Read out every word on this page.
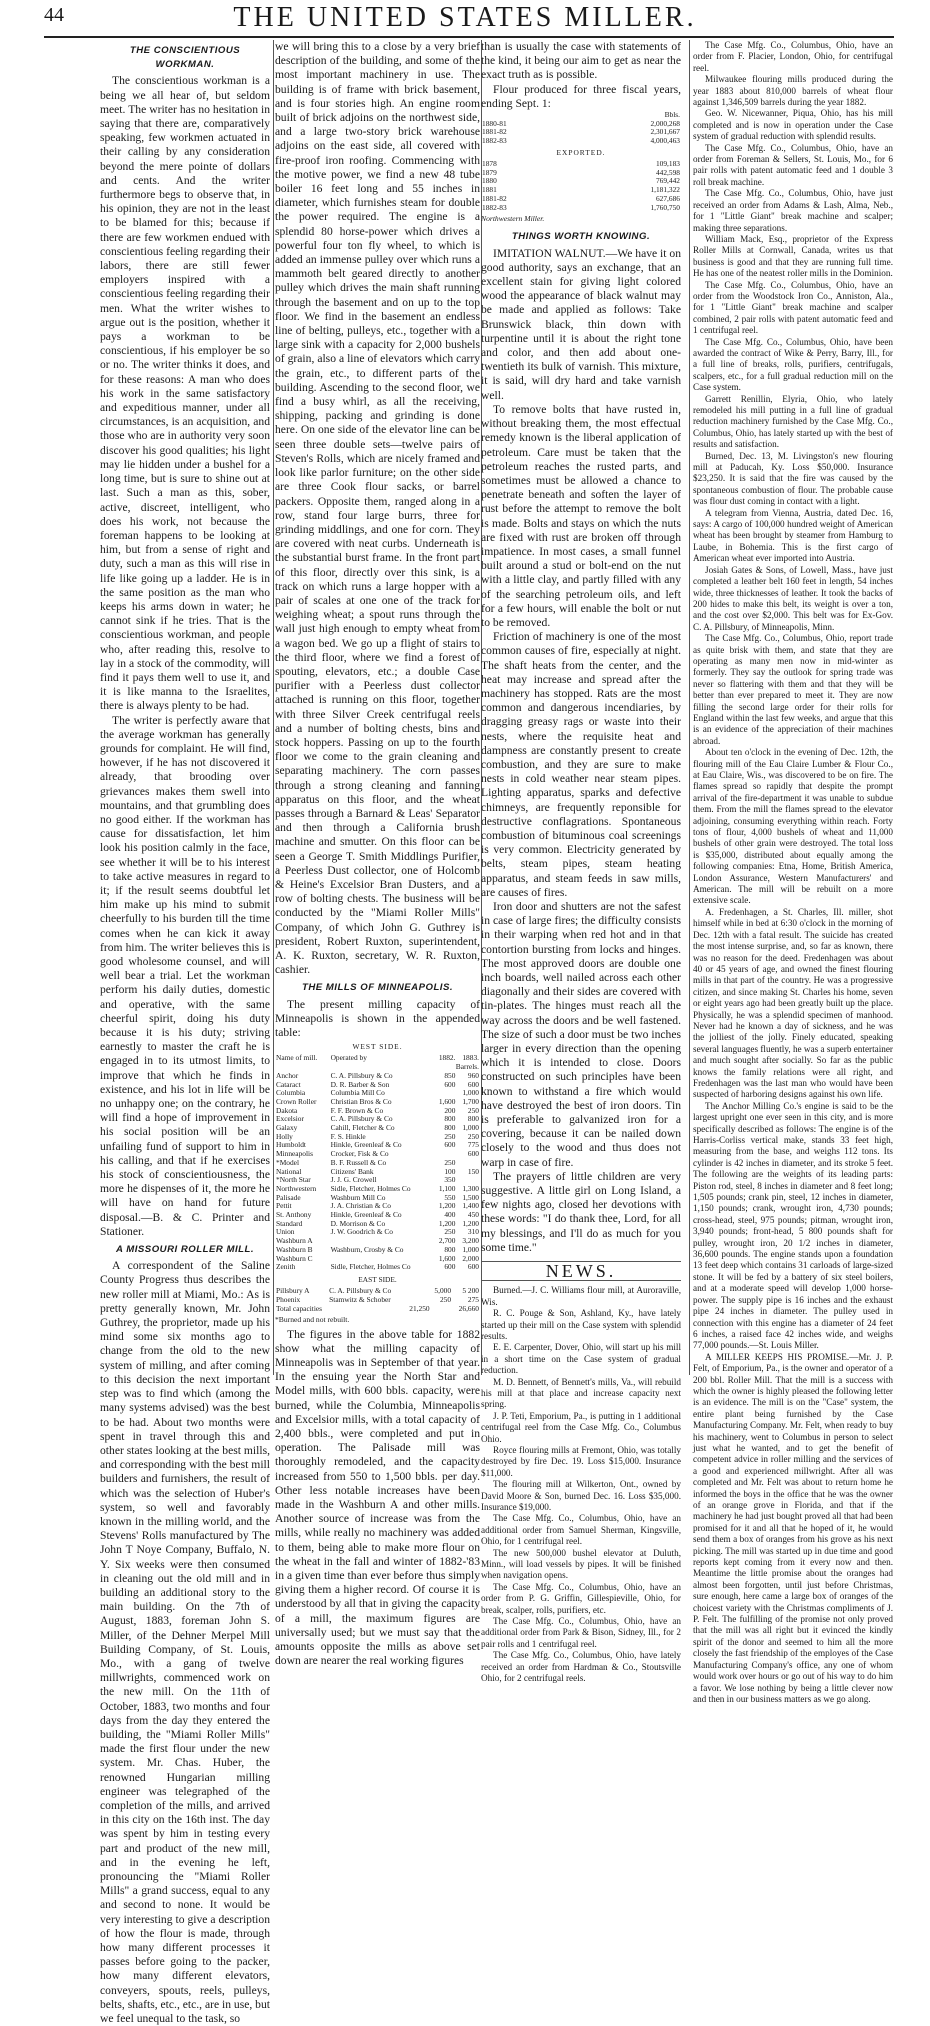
44	THE UNITED STATES MILLER.
THE CONSCIENTIOUS WORKMAN.

The conscientious workman is a being we all hear of, but seldom meet. The writer has no hesitation in saying that there are, comparatively speaking, few workmen actuated in their calling by any consideration beyond the mere pointe of dollars and cents. And the writer furthermore begs to observe that, in his opinion, they are not in the least to be blamed for this; because if there are few workmen endued with conscientious feeling regarding their labors, there are still fewer employers inspired with a conscientious feeling regarding their men. What the writer wishes to argue out is the position, whether it pays a workman to be conscientious, if his employer be so or no. The writer thinks it does, and for these reasons: A man who does his work in the same satisfactory and expeditious manner, under all circumstances, is an acquisition, and those who are in authority very soon discover his good qualities; his light may lie hidden under a bushel for a long time, but is sure to shine out at last. Such a man as this, sober, active, discreet, intelligent, who does his work, not because the foreman happens to be looking at him, but from a sense of right and duty, such a man as this will rise in life like going up a ladder. He is in the same position as the man who keeps his arms down in water; he cannot sink if he tries. That is the conscientious workman, and people who, after reading this, resolve to lay in a stock of the commodity, will find it pays them well to use it, and it is like manna to the Israelites, there is always plenty to be had.

The writer is perfectly aware that the average workman has generally grounds for complaint. He will find, however, if he has not discovered it already, that brooding over grievances makes them swell into mountains, and that grumbling does no good either. If the workman has cause for dissatisfaction, let him look his position calmly in the face, see whether it will be to his interest to take active measures in regard to it; if the result seems doubtful let him make up his mind to submit cheerfully to his burden till the time comes when he can kick it away from him. The writer believes this is good wholesome counsel, and will well bear a trial. Let the workman perform his daily duties, domestic and operative, with the same cheerful spirit, doing his duty because it is his duty; striving earnestly to master the craft he is engaged in to its utmost limits, to improve that which he finds in existence, and his lot in life will be no unhappy one; on the contrary, he will find a hope of improvement in his social position will be an unfailing fund of support to him in his calling, and that if he exercises his stock of conscientiousness, the more he dispenses of it, the more he will have on hand for future disposal.—B. & C. Printer and Stationer.

A MISSOURI ROLLER MILL.

A correspondent of the Saline County Progress thus describes the new roller mill at Miami, Mo.: As is pretty generally known, Mr. John Guthrey, the proprietor, made up his mind some six months ago to change from the old to the new system of milling, and after coming to this decision the next important step was to find which (among the many systems advised) was the best to be had. About two months were spent in travel through this and other states looking at the best mills, and corresponding with the best mill builders and furnishers, the result of which was the selection of Huber's system, so well and favorably known in the milling world, and the Stevens' Rolls manufactured by The John T Noye Company, Buffalo, N. Y. Six weeks were then consumed in cleaning out the old mill and in building an additional story to the main building. On the 7th of August, 1883, foreman John S. Miller, of the Dehner Merpel Mill Building Company, of St. Louis, Mo., with a gang of twelve millwrights, commenced work on the new mill. On the 11th of October, 1883, two months and four days from the day they entered the building, the "Miami Roller Mills" made the first flour under the new system. Mr. Chas. Huber, the renowned Hungarian milling engineer was telegraphed of the completion of the mills, and arrived in this city on the 16th inst. The day was spent by him in testing every part and product of the new mill, and in the evening he left, pronouncing the "Miami Roller Mills" a grand success, equal to any and second to none. It would be very interesting to give a description of how the flour is made, through how many different processes it passes before going to the packer, how many different elevators, conveyers, spouts, reels, pulleys, belts, shafts, etc., etc., are in use, but we feel unequal to the task, so

we will bring this to a close by a very brief description of the building, and some of the most important machinery in use. The building is of frame with brick basement, and is four stories high. An engine room built of brick adjoins on the northwest side, and a large two-story brick warehouse adjoins on the east side, all covered with fire-proof iron roofing. Commencing with the motive power, we find a new 48 tube boiler 16 feet long and 55 inches in diameter, which furnishes steam for double the power required. The engine is a splendid 80 horse-power which drives a powerful four ton fly wheel, to which is added an immense pulley over which runs a mammoth belt geared directly to another pulley which drives the main shaft running through the basement and on up to the top floor. We find in the basement an endless line of belting, pulleys, etc., together with a large sink with a capacity for 2,000 bushels of grain, also a line of elevators which carry the grain, etc., to different parts of the building. Ascending to the second floor, we find a busy whirl, as all the receiving, shipping, packing and grinding is done here. On one side of the elevator line can be seen three double sets—twelve pairs of Steven's Rolls, which are nicely framed and look like parlor furniture; on the other side are three Cook flour sacks, or barrel packers. Opposite them, ranged along in a row, stand four large burrs, three for grinding middlings, and one for corn. They are covered with neat curbs. Underneath is the substantial burst frame. In the front part of this floor, directly over this sink, is a track on which runs a large hopper with a pair of scales at one one of the track for weighing wheat; a spout runs through the wall just high enough to empty wheat from a wagon bed. We go up a flight of stairs to the third floor, where we find a forest of spouting, elevators, etc.; a double Case purifier with a Peerless dust collector attached is running on this floor, together with three Silver Creek centrifugal reels and a number of bolting chests, bins and stock hoppers. Passing on up to the fourth floor we come to the grain cleaning and separating machinery. The corn passes through a strong cleaning and fanning apparatus on this floor, and the wheat passes through a Barnard & Leas' Separator and then through a California brush machine and smutter. On this floor can be seen a George T. Smith Middlings Purifier, a Peerless Dust collector, one of Holcomb & Heine's Excelsior Bran Dusters, and a row of bolting chests. The business will be conducted by the "Miami Roller Mills" Company, of which John G. Guthrey is president, Robert Ruxton, superintendent, A. K. Ruxton, secretary, W. R. Ruxton, cashier.

THE MILLS OF MINNEAPOLIS.

The present milling capacity of Minneapolis is shown in the appended table:

WEST SIDE.
Name of mill.	Operated by	1882.	1883.
		Barrels.	
Anchor	C. A. Pillsbury & Co	850	960
Cataract	D. R. Barber & Son	600	600
Columbia	Columbia Mill Co		1,000
Crown Roller	Christian Bros & Co	1,600	1,700
Dakota	F. F. Brown & Co	200	250
Excelsior	C. A. Pillsbury & Co	800	800
Galaxy	Cahill, Fletcher & Co	800	1,000
Holly	F. S. Hinkle	250	250
Humboldt	Hinkle, Greenleaf & Co	600	775
Minneapolis	Crocker, Fisk & Co		600
*Model	B. F. Russell & Co	250	
National	Citizens' Bank	100	150
*North Star	J. J. G. Crowell	350	
Northwestern	Sidle, Fletcher, Holmes Co	1,100	1,300
Palisade	Washburn Mill Co	550	1,500
Pettit	J. A. Christian & Co	1,200	1,400
St. Anthony	Hinkle, Greenleaf & Co	400	450
Standard	D. Morrison & Co	1,200	1,200
Union	J. W. Goodrich & Co	250	310
Washburn A		2,700	3,200
Washburn B	Washburn, Crosby & Co	800	1,000
Washburn C		1,600	2,000
Zenith	Sidle, Fletcher, Holmes Co	600	600
EAST SIDE.
Pillsbury A	C. A. Pillsbury & Co	5,000	5 200
Phoenix	Stamwitz & Schober	250	275
Total capacities	21,250	26,660
*Burned and not rebuilt.

The figures in the above table for 1882 show what the milling capacity of Minneapolis was in September of that year. In the ensuing year the North Star and Model mills, with 600 bbls. capacity, were burned, while the Columbia, Minneapolis and Excelsior mills, with a total capacity of 2,400 bbls., were completed and put in operation. The Palisade mill was thoroughly remodeled, and the capacity increased from 550 to 1,500 bbls. per day. Other less notable increases have been made in the Washburn A and other mills. Another source of increase was from the mills, while really no machinery was added to them, being able to make more flour on the wheat in the fall and winter of 1882-'83 in a given time than ever before thus simply giving them a higher record. Of course it is understood by all that in giving the capacity of a mill, the maximum figures are universally used; but we must say that the amounts opposite the mills as above set down are nearer the real working figures

than is usually the case with statements of the kind, it being our aim to get as near the exact truth as is possible.

Flour produced for three fiscal years, ending Sept. 1:

	Bbls.
1880-81	2,000,268
1881-82	2,301,667
1882-83	4,000,463
EXPORTED.
1878	109,183
1879	442,598
1880	769,442
1881	1,181,322
1881-82	627,686
1882-83	1,760,750
Northwestern Miller.
THINGS WORTH KNOWING.

IMITATION WALNUT.—We have it on good authority, says an exchange, that an excellent stain for giving light colored wood the appearance of black walnut may be made and applied as follows: Take Brunswick black, thin down with turpentine until it is about the right tone and color, and then add about one-twentieth its bulk of varnish. This mixture, it is said, will dry hard and take varnish well.

To remove bolts that have rusted in, without breaking them, the most effectual remedy known is the liberal application of petroleum. Care must be taken that the petroleum reaches the rusted parts, and sometimes must be allowed a chance to penetrate beneath and soften the layer of rust before the attempt to remove the bolt is made. Bolts and stays on which the nuts are fixed with rust are broken off through impatience. In most cases, a small funnel built around a stud or bolt-end on the nut with a little clay, and partly filled with any of the searching petroleum oils, and left for a few hours, will enable the bolt or nut to be removed.

Friction of machinery is one of the most common causes of fire, especially at night. The shaft heats from the center, and the heat may increase and spread after the machinery has stopped. Rats are the most common and dangerous incendiaries, by dragging greasy rags or waste into their nests, where the requisite heat and dampness are constantly present to create combustion, and they are sure to make nests in cold weather near steam pipes. Lighting apparatus, sparks and defective chimneys, are frequently reponsible for destructive conflagrations. Spontaneous combustion of bituminous coal screenings is very common. Electricity generated by belts, steam pipes, steam heating apparatus, and steam feeds in saw mills, are causes of fires.

Iron door and shutters are not the safest in case of large fires; the difficulty consists in their warping when red hot and in that contortion bursting from locks and hinges. The most approved doors are double one inch boards, well nailed across each other diagonally and their sides are covered with tin-plates. The hinges must reach all the way across the doors and be well fastened. The size of such a door must be two inches larger in every direction than the opening which it is intended to close. Doors constructed on such principles have been known to withstand a fire which would have destroyed the best of iron doors. Tin is preferable to galvanized iron for a covering, because it can be nailed down closely to the wood and thus does not warp in case of fire.

The prayers of little children are very suggestive. A little girl on Long Island, a few nights ago, closed her devotions with these words: "I do thank thee, Lord, for all my blessings, and I'll do as much for you some time."

NEWS.

Burned.—J. C. Williams flour mill, at Auroraville, Wis.

R. C. Pouge & Son, Ashland, Ky., have lately started up their mill on the Case system with splendid results.

E. E. Carpenter, Dover, Ohio, will start up his mill in a short time on the Case system of gradual reduction.

M. D. Bennett, of Bennett's mills, Va., will rebuild his mill at that place and increase capacity next spring.

J. P. Teti, Emporium, Pa., is putting in 1 additional centrifugal reel from the Case Mfg. Co., Columbus Ohio.

Royce flouring mills at Fremont, Ohio, was totally destroyed by fire Dec. 19. Loss $15,000. Insurance $11,000.

The flouring mill at Wilkerton, Ont., owned by David Moore & Son, burned Dec. 16. Loss $35,000. Insurance $19,000.

The Case Mfg. Co., Columbus, Ohio, have an additional order from Samuel Sherman, Kingsville, Ohio, for 1 centrifugal reel.

The new 500,000 bushel elevator at Duluth, Minn., will load vessels by pipes. It will be finished when navigation opens.

The Case Mfg. Co., Columbus, Ohio, have an order from P. G. Griffin, Gillespieville, Ohio, for break, scalper, rolls, purifiers, etc.

The Case Mfg. Co., Columbus, Ohio, have an additional order from Park & Bison, Sidney, Ill., for 2 pair rolls and 1 centrifugal reel.

The Case Mfg. Co., Columbus, Ohio, have lately received an order from Hardman & Co., Stoutsville Ohio, for 2 centrifugal reels.

The Case Mfg. Co., Columbus, Ohio, have an order from F. Placier, London, Ohio, for centrifugal reel.

Milwaukee flouring mills produced during the year 1883 about 810,000 barrels of wheat flour against 1,346,509 barrels during the year 1882.

Geo. W. Nicewanner, Piqua, Ohio, has his mill completed and is now in operation under the Case system of gradual reduction with splendid results.

The Case Mfg. Co., Columbus, Ohio, have an order from Foreman & Sellers, St. Louis, Mo., for 6 pair rolls with patent automatic feed and 1 double 3 roll break machine.

The Case Mfg. Co., Columbus, Ohio, have just received an order from Adams & Lash, Alma, Neb., for 1 "Little Giant" break machine and scalper; making three separations.

William Mack, Esq., proprietor of the Express Roller Mills at Cornwall, Canada, writes us that business is good and that they are running full time. He has one of the neatest roller mills in the Dominion.

The Case Mfg. Co., Columbus, Ohio, have an order from the Woodstock Iron Co., Anniston, Ala., for 1 "Little Giant" break machine and scalper combined, 2 pair rolls with patent automatic feed and 1 centrifugal reel.

The Case Mfg. Co., Columbus, Ohio, have been awarded the contract of Wike & Perry, Barry, Ill., for a full line of breaks, rolls, purifiers, centrifugals, scalpers, etc., for a full gradual reduction mill on the Case system.

Garrett Renillin, Elyria, Ohio, who lately remodeled his mill putting in a full line of gradual reduction machinery furnished by the Case Mfg. Co., Columbus, Ohio, has lately started up with the best of results and satisfaction.

Burned, Dec. 13, M. Livingston's new flouring mill at Paducah, Ky. Loss $50,000. Insurance $23,250. It is said that the fire was caused by the spontaneous combustion of flour. The probable cause was flour dust coming in contact with a light.

A telegram from Vienna, Austria, dated Dec. 16, says: A cargo of 100,000 hundred weight of American wheat has been brought by steamer from Hamburg to Laube, in Bohemia. This is the first cargo of American wheat ever imported into Austria.

Josiah Gates & Sons, of Lowell, Mass., have just completed a leather belt 160 feet in length, 54 inches wide, three thicknesses of leather. It took the backs of 200 hides to make this belt, its weight is over a ton, and the cost over $2,000. This belt was for Ex-Gov. C. A. Pillsbury, of Minneapolis, Minn.

The Case Mfg. Co., Columbus, Ohio, report trade as quite brisk with them, and state that they are operating as many men now in mid-winter as formerly. They say the outlook for spring trade was never so flattering with them and that they will be better than ever prepared to meet it. They are now filling the second large order for their rolls for England within the last few weeks, and argue that this is an evidence of the appreciation of their machines abroad.

About ten o'clock in the evening of Dec. 12th, the flouring mill of the Eau Claire Lumber & Flour Co., at Eau Claire, Wis., was discovered to be on fire. The flames spread so rapidly that despite the prompt arrival of the fire-department it was unable to subdue them. From the mill the flames spread to the elevator adjoining, consuming everything within reach. Forty tons of flour, 4,000 bushels of wheat and 11,000 bushels of other grain were destroyed. The total loss is $35,000, distributed about equally among the following companies: Etna, Home, British America, London Assurance, Western Manufacturers' and American. The mill will be rebuilt on a more extensive scale.

A. Fredenhagen, a St. Charles, Ill. miller, shot himself while in bed at 6:30 o'clock in the morning of Dec. 12th with a fatal result. The suicide has created the most intense surprise, and, so far as known, there was no reason for the deed. Fredenhagen was about 40 or 45 years of age, and owned the finest flouring mills in that part of the country. He was a progressive citizen, and since making St. Charles his home, seven or eight years ago had been greatly built up the place. Physically, he was a splendid specimen of manhood. Never had he known a day of sickness, and he was the jolliest of the jolly. Finely educated, speaking several languages fluently, he was a superb entertainer and much sought after socially. So far as the public knows the family relations were all right, and Fredenhagen was the last man who would have been suspected of harboring designs against his own life.

The Anchor Milling Co.'s engine is said to be the largest upright one ever seen in this city, and is more specifically described as follows: The engine is of the Harris-Corliss vertical make, stands 33 feet high, measuring from the base, and weighs 112 tons. Its cylinder is 42 inches in diameter, and its stroke 5 feet. The following are the weights of its leading parts: Piston rod, steel, 8 inches in diameter and 8 feet long; 1,505 pounds; crank pin, steel, 12 inches in diameter, 1,150 pounds; crank, wrought iron, 4,730 pounds; cross-head, steel, 975 pounds; pitman, wrought iron, 3,940 pounds; front-head, 5 800 pounds shaft for pulley, wrought iron, 20 1/2 inches in diameter, 36,600 pounds. The engine stands upon a foundation 13 feet deep which contains 31 carloads of large-sized stone. It will be fed by a battery of six steel boilers, and at a moderate speed will develop 1,000 horse-power. The supply pipe is 16 inches and the exhaust pipe 24 inches in diameter. The pulley used in connection with this engine has a diameter of 24 feet 6 inches, a raised face 42 inches wide, and weighs 77,000 pounds.—St. Louis Miller.

A MILLER KEEPS HIS PROMISE.—Mr. J. P. Felt, of Emporium, Pa., is the owner and operator of a 200 bbl. Roller Mill. That the mill is a success with which the owner is highly pleased the following letter is an evidence. The mill is on the "Case" system, the entire plant being furnished by the Case Manufacturing Company. Mr. Felt, when ready to buy his machinery, went to Columbus in person to select just what he wanted, and to get the benefit of competent advice in roller milling and the services of a good and experienced millwright. After all was completed and Mr. Felt was about to return home he informed the boys in the office that he was the owner of an orange grove in Florida, and that if the machinery he had just bought proved all that had been promised for it and all that he hoped of it, he would send them a box of oranges from his grove as his next picking. The mill was started up in due time and good reports kept coming from it every now and then. Meantime the little promise about the oranges had almost been forgotten, until just before Christmas, sure enough, here came a large box of oranges of the choicest variety with the Christmas compliments of J. P. Felt. The fulfilling of the promise not only proved that the mill was all right but it evinced the kindly spirit of the donor and seemed to him all the more closely the fast friendship of the employes of the Case Manufacturing Company's office, any one of whom would work over hours or go out of his way to do him a favor. We lose nothing by being a little clever now and then in our business matters as we go along.
